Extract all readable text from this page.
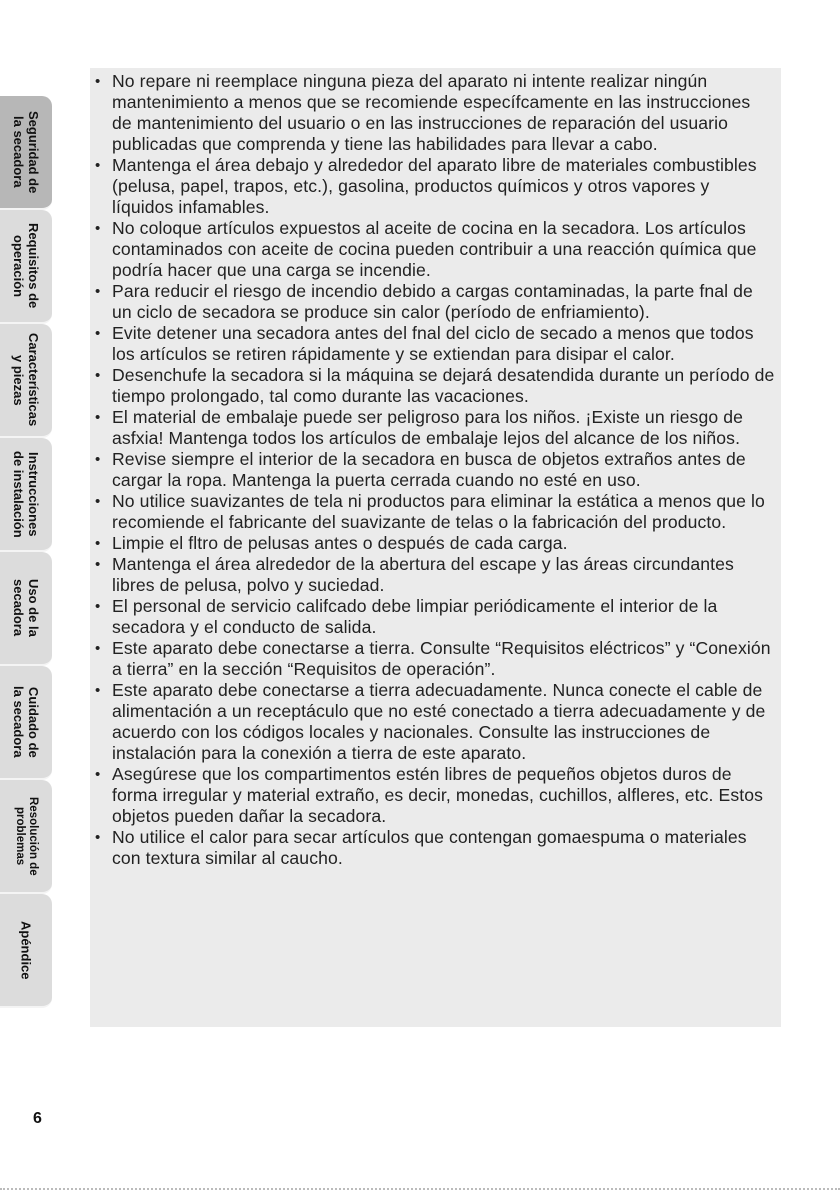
Seguridad de
la secadora
Requisitos de
operación
Características
y piezas
Instrucciones
de instalación
Uso de la
secadora
Cuidado de
la secadora
Resolución de
problemas
Apéndice
• No repare ni reemplace ninguna pieza del aparato ni intente realizar ningún mantenimiento a menos que se recomiende específcamente en las instrucciones de mantenimiento del usuario o en las instrucciones de reparación del usuario publicadas que comprenda y tiene las habilidades para llevar a cabo.
• Mantenga el área debajo y alrededor del aparato libre de materiales combustibles (pelusa, papel, trapos, etc.), gasolina, productos químicos y otros vapores y líquidos infamables.
• No coloque artículos expuestos al aceite de cocina en la secadora. Los artículos contaminados con aceite de cocina pueden contribuir a una reacción química que podría hacer que una carga se incendie.
• Para reducir el riesgo de incendio debido a cargas contaminadas, la parte fnal de un ciclo de secadora se produce sin calor (período de enfriamiento).
• Evite detener una secadora antes del fnal del ciclo de secado a menos que todos los artículos se retiren rápidamente y se extiendan para disipar el calor.
• Desenchufe la secadora si la máquina se dejará desatendida durante un período de tiempo prolongado, tal como durante las vacaciones.
• El material de embalaje puede ser peligroso para los niños. ¡Existe un riesgo de asfxia! Mantenga todos los artículos de embalaje lejos del alcance de los niños.
• Revise siempre el interior de la secadora en busca de objetos extraños antes de cargar la ropa. Mantenga la puerta cerrada cuando no esté en uso.
• No utilice suavizantes de tela ni productos para eliminar la estática a menos que lo recomiende el fabricante del suavizante de telas o la fabricación del producto.
• Limpie el fltro de pelusas antes o después de cada carga.
• Mantenga el área alrededor de la abertura del escape y las áreas circundantes libres de pelusa, polvo y suciedad.
• El personal de servicio califcado debe limpiar periódicamente el interior de la secadora y el conducto de salida.
• Este aparato debe conectarse a tierra. Consulte “Requisitos eléctricos” y “Conexión a tierra” en la sección “Requisitos de operación”.
• Este aparato debe conectarse a tierra adecuadamente. Nunca conecte el cable de alimentación a un receptáculo que no esté conectado a tierra adecuadamente y de acuerdo con los códigos locales y nacionales. Consulte las instrucciones de instalación para la conexión a tierra de este aparato.
• Asegúrese que los compartimentos estén libres de pequeños objetos duros de forma irregular y material extraño, es decir, monedas, cuchillos, alfleres, etc. Estos objetos pueden dañar la secadora.
• No utilice el calor para secar artículos que contengan gomaespuma o materiales con textura similar al caucho.
6
